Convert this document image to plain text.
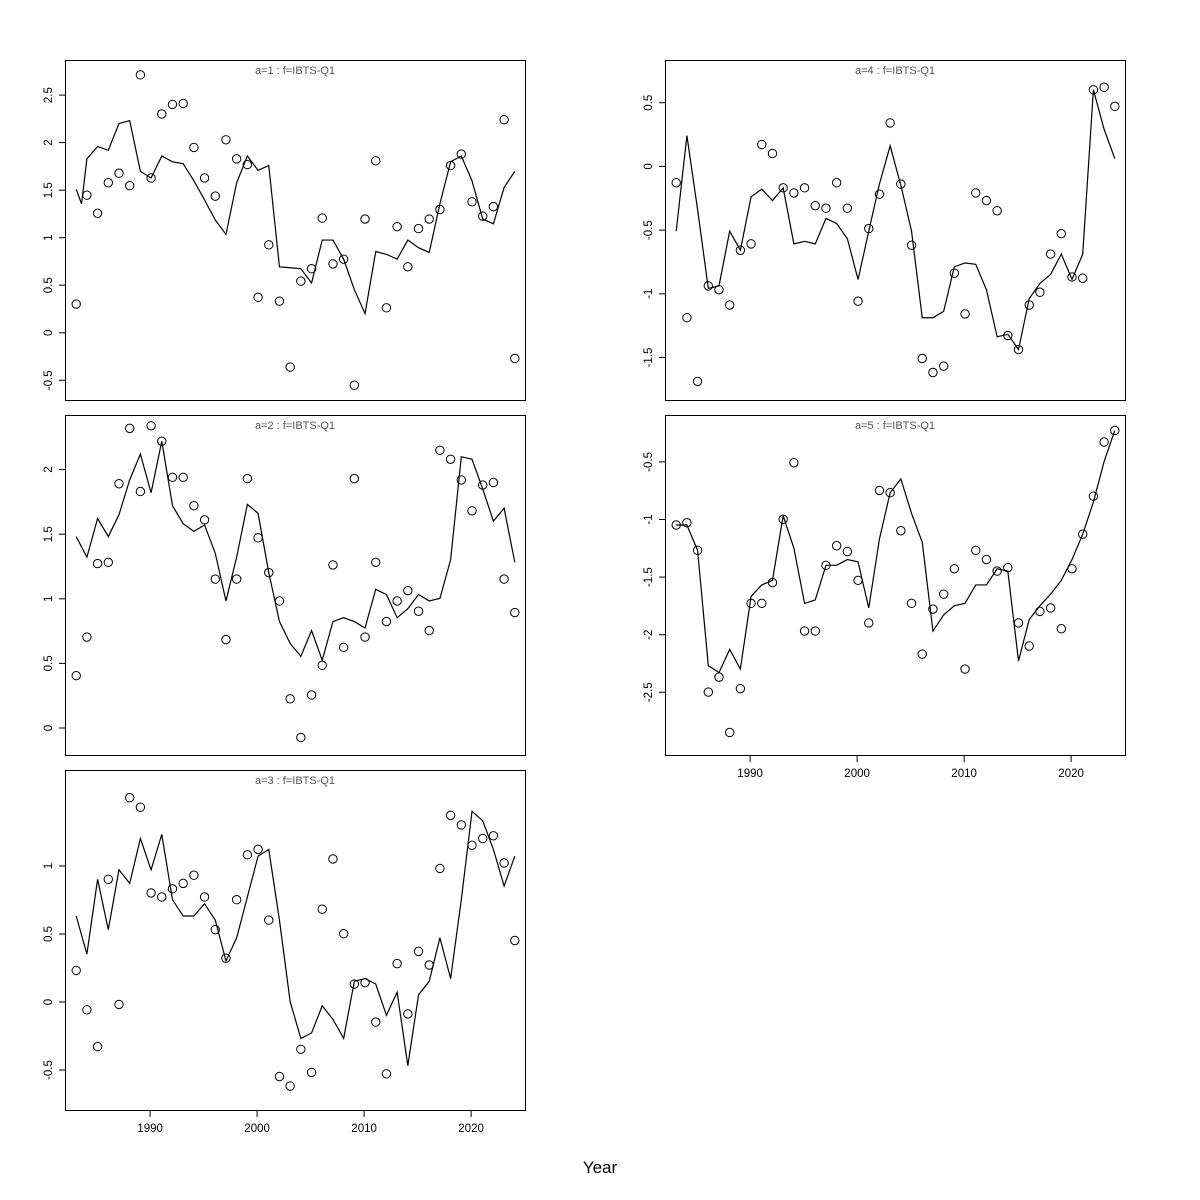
a=1 : f=IBTS-Q1
-0.5
0
0.5
1
1.5
2
2.5
a=4 : f=IBTS-Q1
-1.5
-1
-0.5
0
0.5
a=2 : f=IBTS-Q1
0
0.5
1
1.5
2
a=5 : f=IBTS-Q1
-2.5
-2
-1.5
-1
-0.5
1990	2000	2010	2020
a=3 : f=IBTS-Q1
-0.5
0
0.5
1
1990	2000	2010	2020
Year
